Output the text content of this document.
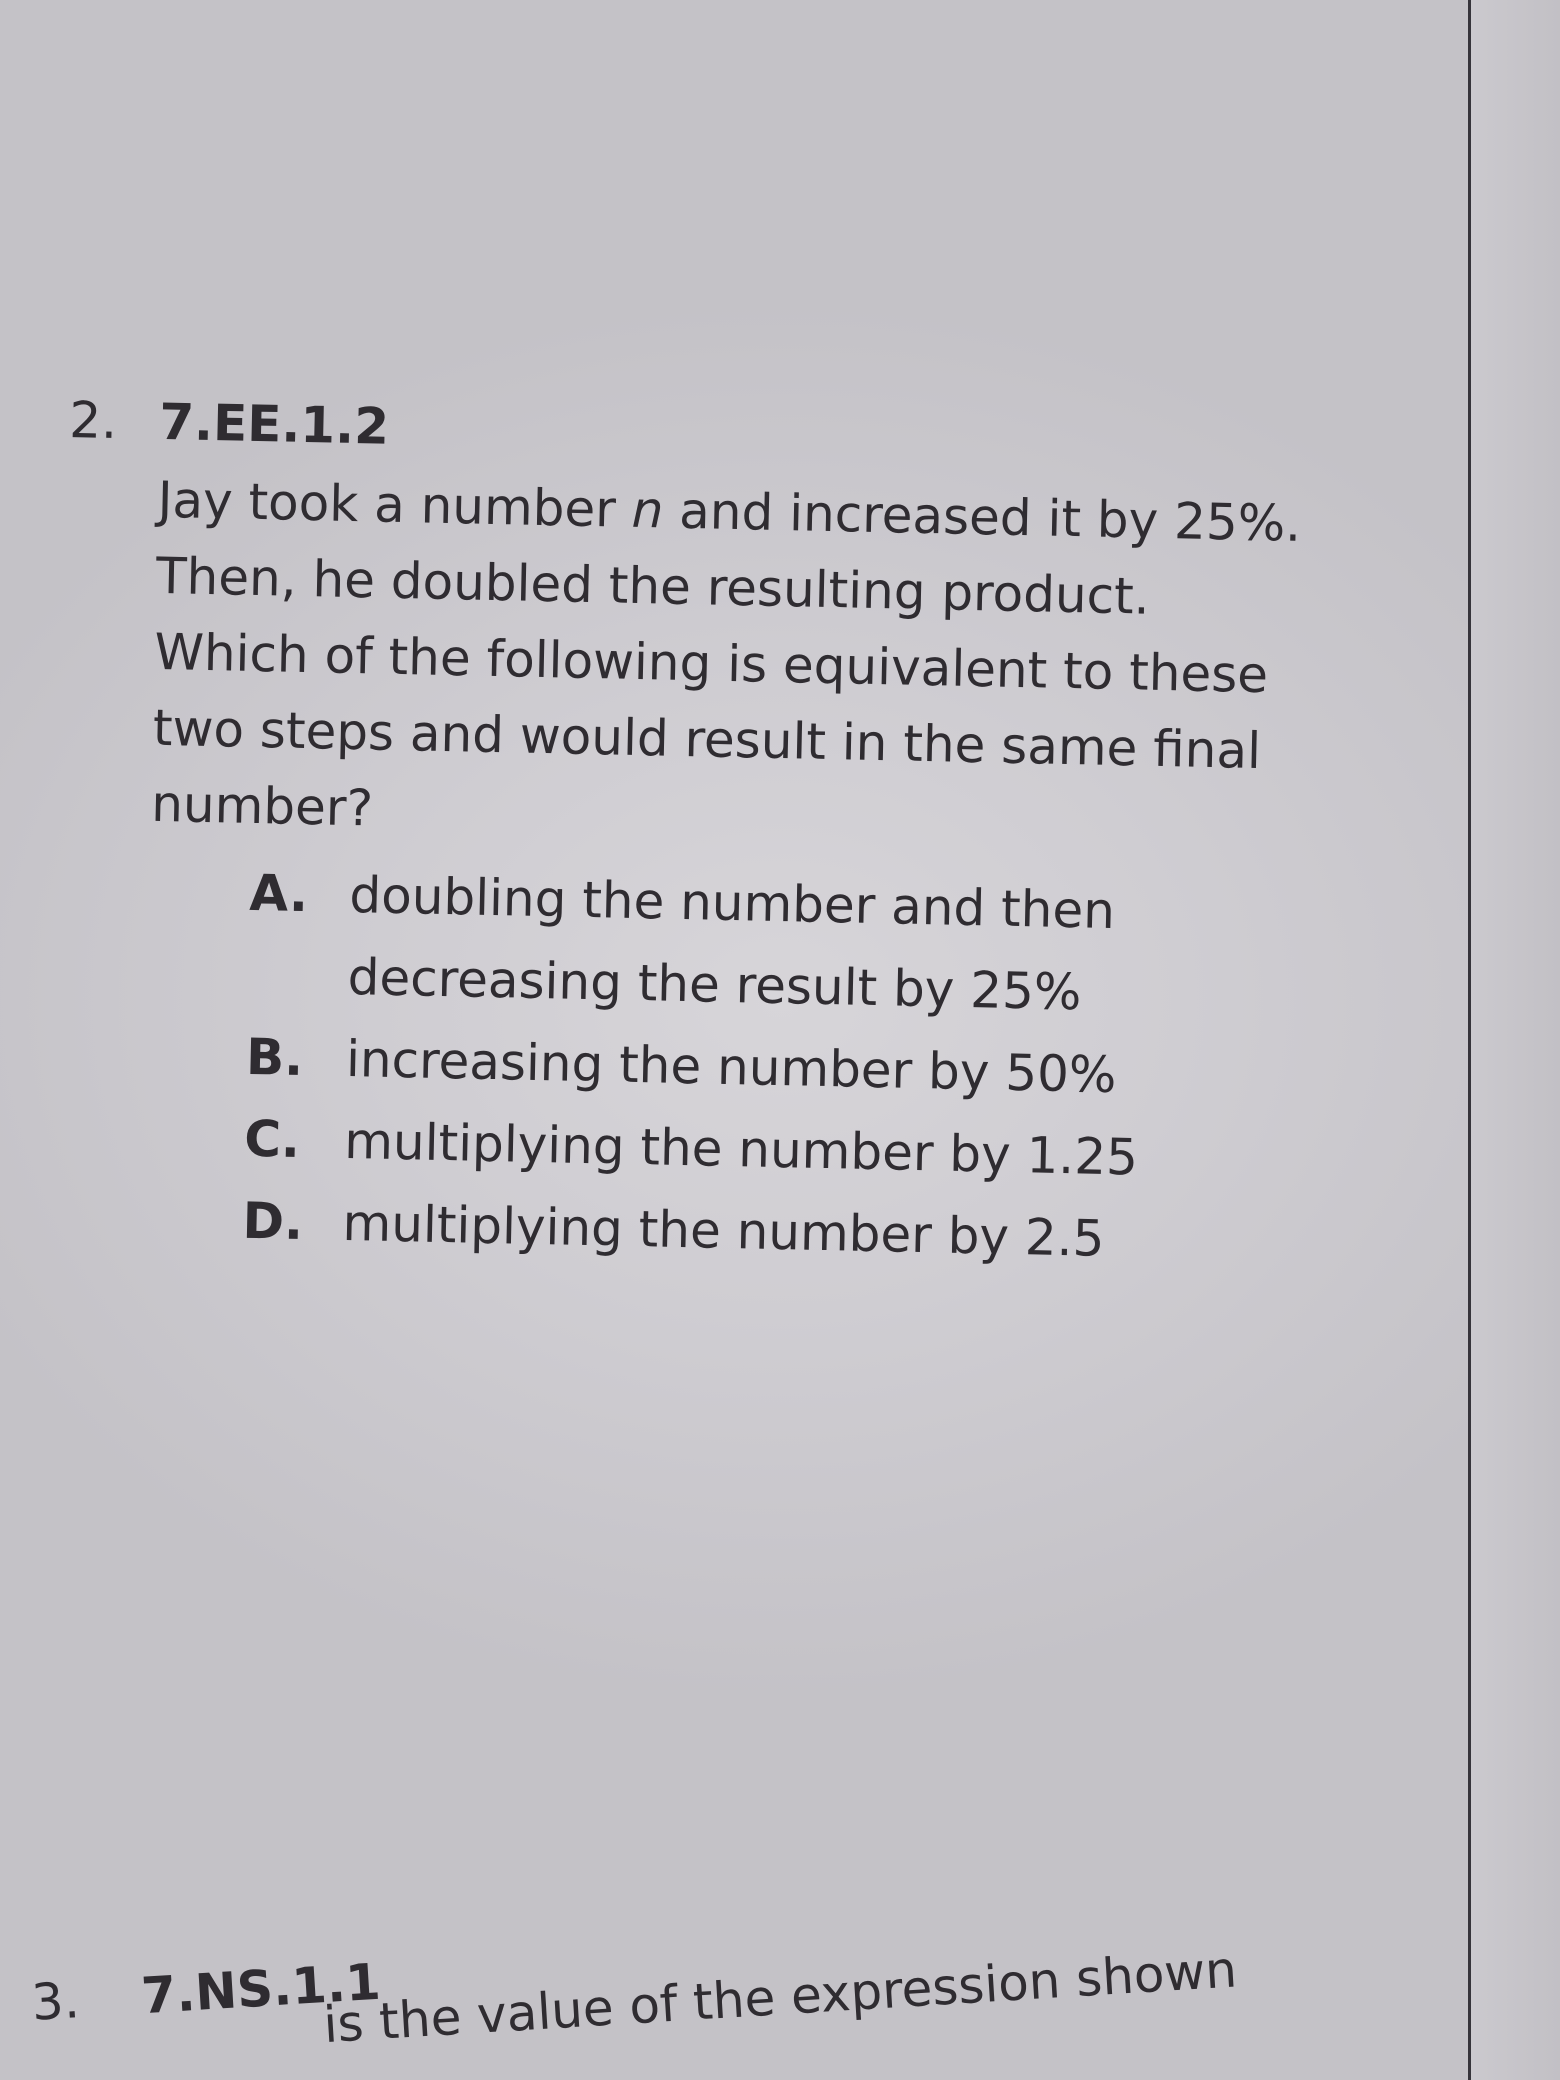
2. 7.EE.1.2

Jay took a number n and increased it by 25%. Then, he doubled the resulting product.

Which of the following is equivalent to these two steps and would result in the same final number?

A. doubling the number and then decreasing the result by 25%
B. increasing the number by 50%
C. multiplying the number by 1.25
D. multiplying the number by 2.5
3.	7.NS.1.1
is the value of the expression shown
